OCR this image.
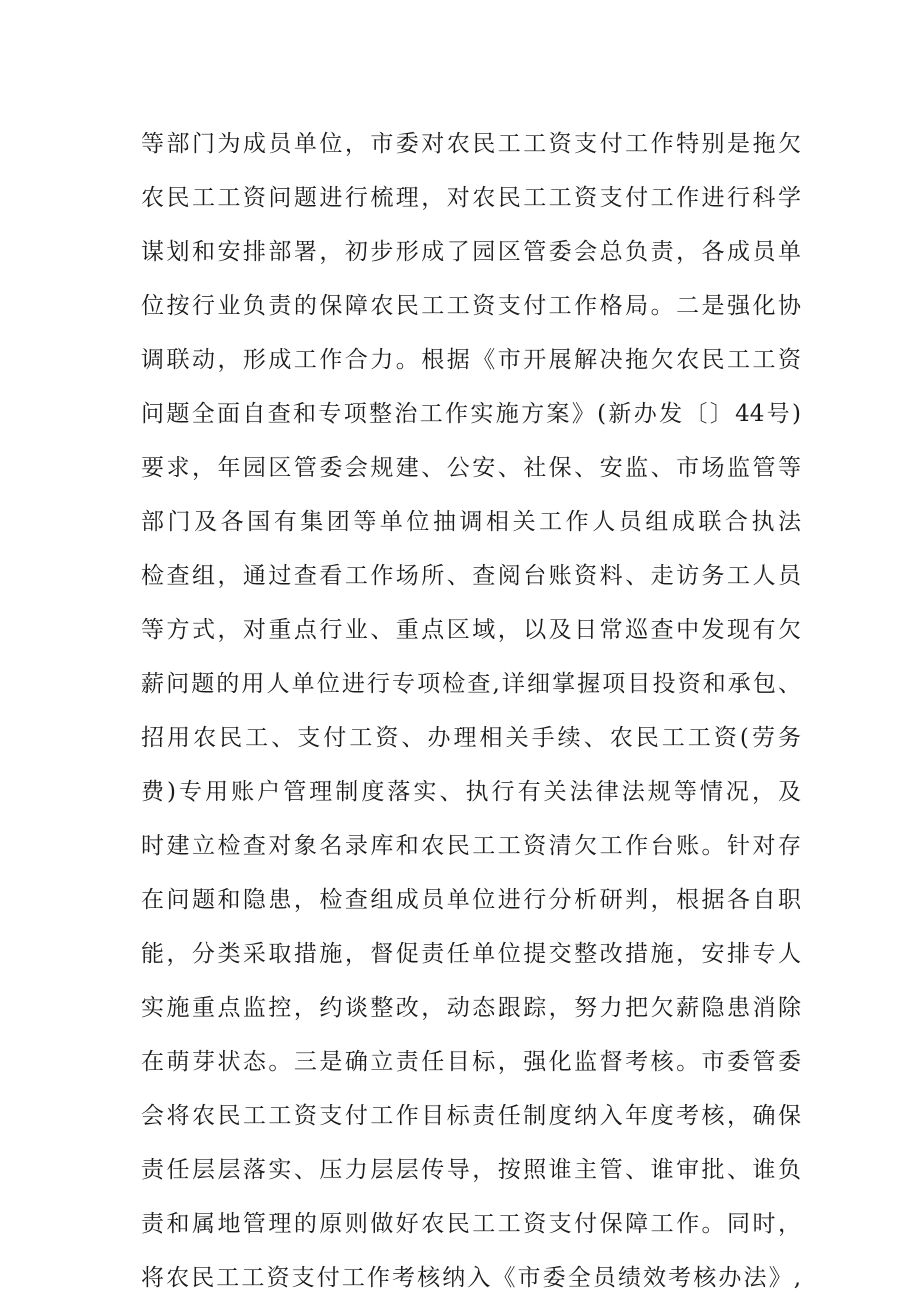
等部门为成员单位，市委对农民工工资支付工作特别是拖欠
农民工工资问题进行梳理，对农民工工资支付工作进行科学
谋划和安排部署，初步形成了园区管委会总负责，各成员单
位按行业负责的保障农民工工资支付工作格局。二是强化协
调联动，形成工作合力。根据《市开展解决拖欠农民工工资
问题全面自查和专项整治工作实施方案》(新办发〔〕44号)
要求，年园区管委会规建、公安、社保、安监、市场监管等
部门及各国有集团等单位抽调相关工作人员组成联合执法
检查组，通过查看工作场所、查阅台账资料、走访务工人员
等方式，对重点行业、重点区域，以及日常巡查中发现有欠
薪问题的用人单位进行专项检查,详细掌握项目投资和承包、
招用农民工、支付工资、办理相关手续、农民工工资(劳务
费)专用账户管理制度落实、执行有关法律法规等情况，及
时建立检查对象名录库和农民工工资清欠工作台账。针对存
在问题和隐患，检查组成员单位进行分析研判，根据各自职
能，分类采取措施，督促责任单位提交整改措施，安排专人
实施重点监控，约谈整改，动态跟踪，努力把欠薪隐患消除
在萌芽状态。三是确立责任目标，强化监督考核。市委管委
会将农民工工资支付工作目标责任制度纳入年度考核，确保
责任层层落实、压力层层传导，按照谁主管、谁审批、谁负
责和属地管理的原则做好农民工工资支付保障工作。同时，
将农民工工资支付工作考核纳入《市委全员绩效考核办法》,
